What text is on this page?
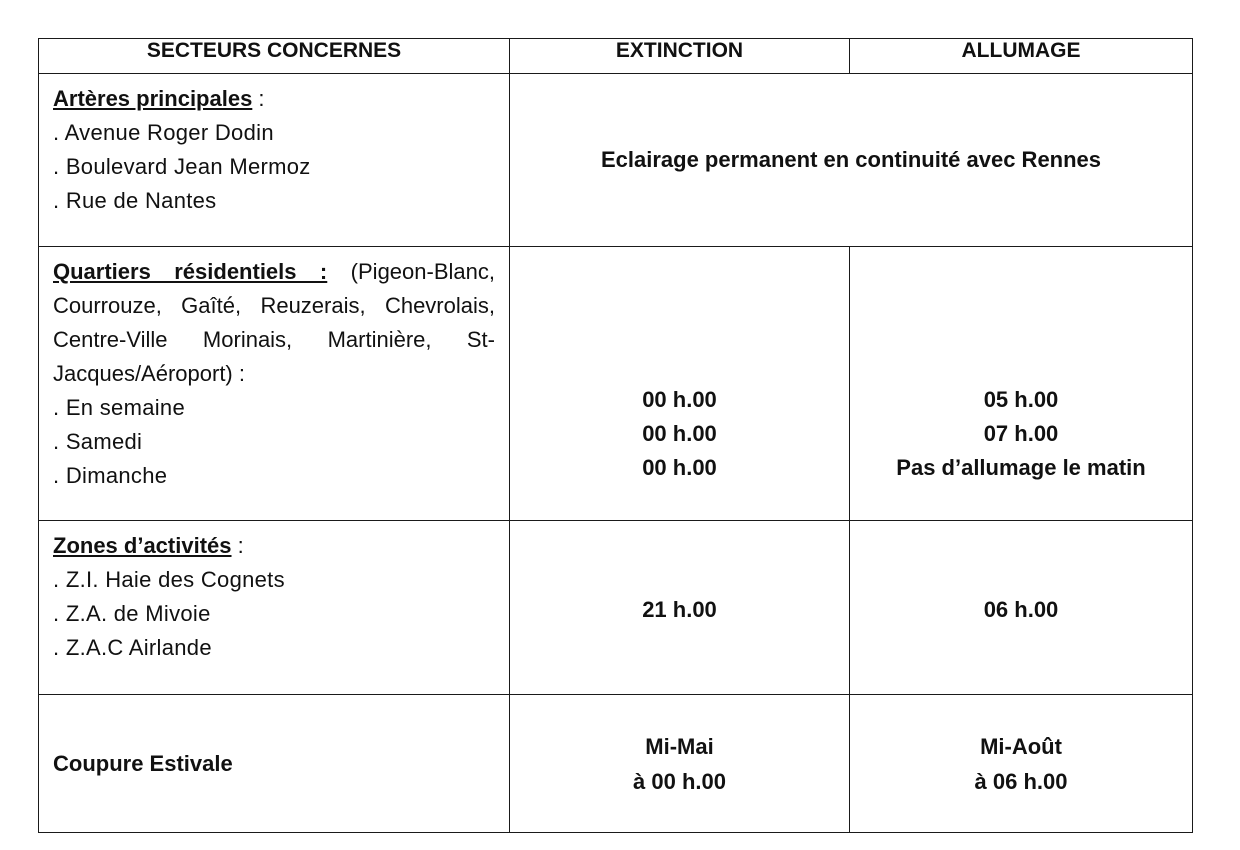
SECTEURS CONCERNES	EXTINCTION	ALLUMAGE

Artères principales :
. Avenue Roger Dodin
. Boulevard Jean Mermoz
. Rue de Nantes	Eclairage permanent en continuité avec Rennes	

Quartiers résidentiels : (Pigeon-Blanc, Courrouze, Gaîté, Reuzerais, Chevrolais, Centre-Ville Morinais, Martinière, St-Jacques/Aéroport) :
. En semaine
. Samedi
. Dimanche	00 h.00
00 h.00
00 h.00	05 h.00
07 h.00
Pas d’allumage le matin

Zones d’activités :
. Z.I. Haie des Cognets
. Z.A. de Mivoie
. Z.A.C Airlande	21 h.00	06 h.00
Coupure Estivale	Mi-Mai
à 00 h.00	Mi-Août
à 06 h.00
